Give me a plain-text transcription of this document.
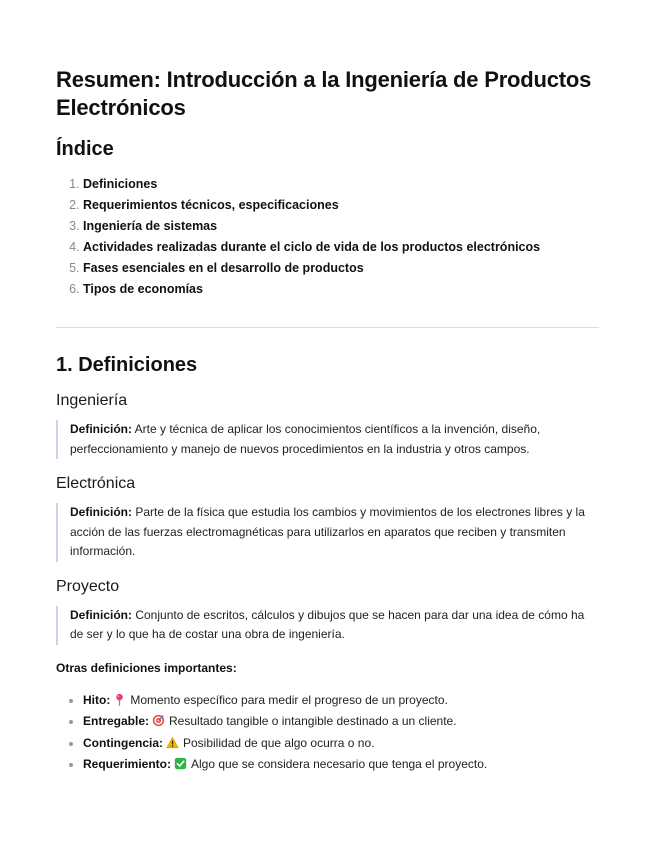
Resumen: Introducción a la Ingeniería de Productos Electrónicos
Índice
1. Definiciones
2. Requerimientos técnicos, especificaciones
3. Ingeniería de sistemas
4. Actividades realizadas durante el ciclo de vida de los productos electrónicos
5. Fases esenciales en el desarrollo de productos
6. Tipos de economías
1. Definiciones
Ingeniería
Definición: Arte y técnica de aplicar los conocimientos científicos a la invención, diseño, perfeccionamiento y manejo de nuevos procedimientos en la industria y otros campos.
Electrónica
Definición: Parte de la física que estudia los cambios y movimientos de los electrones libres y la acción de las fuerzas electromagnéticas para utilizarlos en aparatos que reciben y transmiten información.
Proyecto
Definición: Conjunto de escritos, cálculos y dibujos que se hacen para dar una idea de cómo ha de ser y lo que ha de costar una obra de ingeniería.
Otras definiciones importantes:
• Hito: Momento específico para medir el progreso de un proyecto.
• Entregable: Resultado tangible o intangible destinado a un cliente.
• Contingencia: Posibilidad de que algo ocurra o no.
• Requerimiento: Algo que se considera necesario que tenga el proyecto.
